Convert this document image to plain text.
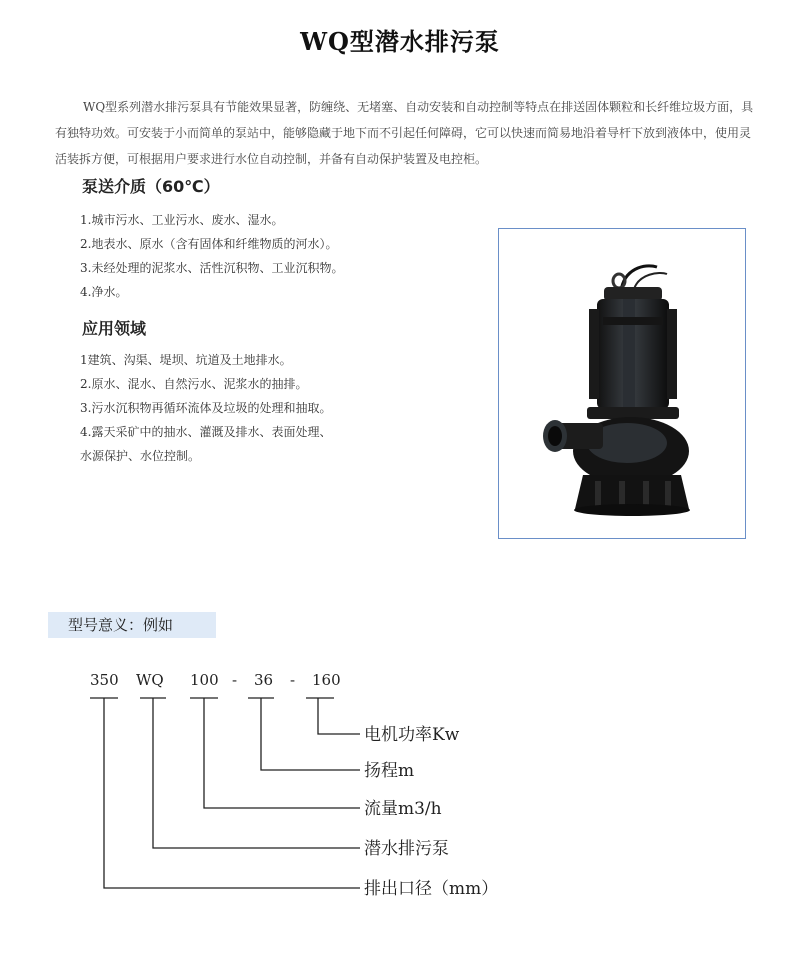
WQ型潜水排污泵

WQ型系列潜水排污泵具有节能效果显著，防缠绕、无堵塞、自动安装和自动控制等特点在排送固体颗粒和长纤维垃圾方面，具有独特功效。可安装于小而简单的泵站中，能够隐藏于地下而不引起任何障碍，它可以快速而简易地沿着导杆下放到液体中，使用灵活装拆方便，可根据用户要求进行水位自动控制，并备有自动保护装置及电控柜。

泵送介质（60℃）
1.城市污水、工业污水、废水、湿水。
2.地表水、原水（含有固体和纤维物质的河水）。
3.未经处理的泥浆水、活性沉积物、工业沉积物。
4.净水。
应用领域
1建筑、沟渠、堤坝、坑道及土地排水。
2.原水、混水、自然污水、泥浆水的抽排。
3.污水沉积物再循环流体及垃圾的处理和抽取。
4.露天采矿中的抽水、灌溉及排水、表面处理、
水源保护、水位控制。
型号意义：例如
350 WQ 100 - 36 - 160
电机功率Kw
扬程m
流量m3/h
潜水排污泵
排出口径（mm）
